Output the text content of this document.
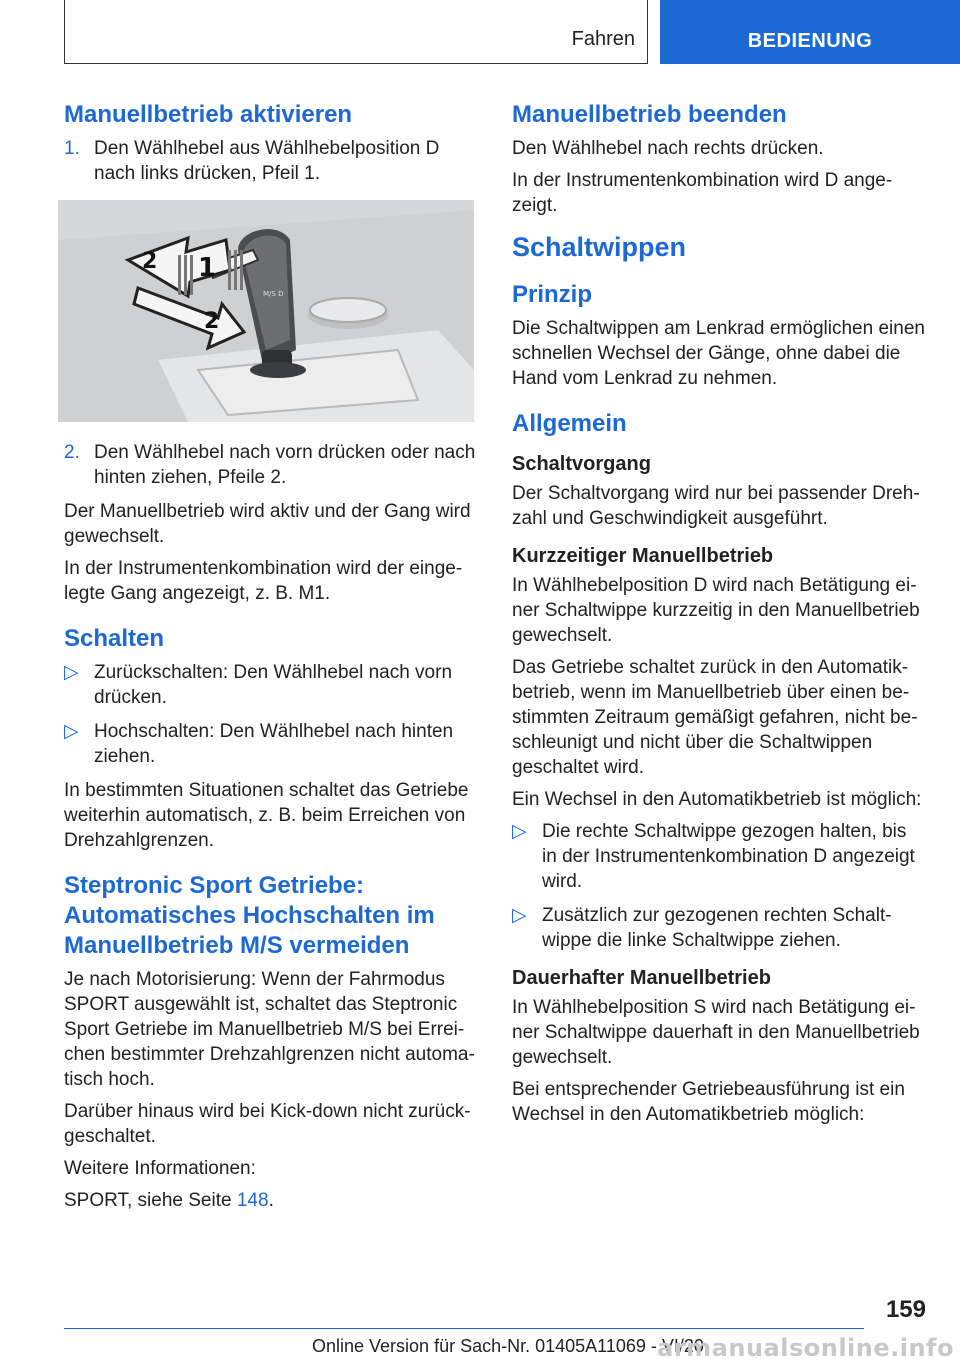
Fahren	BEDIENUNG
Manuellbetrieb aktivieren
1. Den Wählhebel aus Wählhebelposition D nach links drücken, Pfeil 1.
1
2
2
M/S D
2. Den Wählhebel nach vorn drücken oder nach hinten ziehen, Pfeile 2.

Der Manuellbetrieb wird aktiv und der Gang wird gewechselt.

In der Instrumentenkombination wird der eingelegte Gang angezeigt, z. B. M1.

Schalten
▷ Zurückschalten: Den Wählhebel nach vorn drücken.
▷ Hochschalten: Den Wählhebel nach hinten ziehen.

In bestimmten Situationen schaltet das Getriebe weiterhin automatisch, z. B. beim Erreichen von Drehzahlgrenzen.

Steptronic Sport Getriebe: Automatisches Hochschalten im Manuellbetrieb M/S vermeiden

Je nach Motorisierung: Wenn der Fahrmodus SPORT ausgewählt ist, schaltet das Steptronic Sport Getriebe im Manuellbetrieb M/S bei Erreichen bestimmter Drehzahlgrenzen nicht automatisch hoch.

Darüber hinaus wird bei Kick-down nicht zurückgeschaltet.

Weitere Informationen:

SPORT, siehe Seite 148.

Manuellbetrieb beenden

Den Wählhebel nach rechts drücken.

In der Instrumentenkombination wird D angezeigt.

Schaltwippen
Prinzip

Die Schaltwippen am Lenkrad ermöglichen einen schnellen Wechsel der Gänge, ohne dabei die Hand vom Lenkrad zu nehmen.

Allgemein
Schaltvorgang

Der Schaltvorgang wird nur bei passender Drehzahl und Geschwindigkeit ausgeführt.

Kurzzeitiger Manuellbetrieb

In Wählhebelposition D wird nach Betätigung einer Schaltwippe kurzzeitig in den Manuellbetrieb gewechselt.

Das Getriebe schaltet zurück in den Automatikbetrieb, wenn im Manuellbetrieb über einen bestimmten Zeitraum gemäßigt gefahren, nicht beschleunigt und nicht über die Schaltwippen geschaltet wird.

Ein Wechsel in den Automatikbetrieb ist möglich:

▷ Die rechte Schaltwippe gezogen halten, bis in der Instrumentenkombination D angezeigt wird.
▷ Zusätzlich zur gezogenen rechten Schaltwippe die linke Schaltwippe ziehen.
Dauerhafter Manuellbetrieb

In Wählhebelposition S wird nach Betätigung einer Schaltwippe dauerhaft in den Manuellbetrieb gewechselt.

Bei entsprechender Getriebeausführung ist ein Wechsel in den Automatikbetrieb möglich:

159
Online Version für Sach-Nr. 01405A11069 - VI/20
armanualsonline.info
